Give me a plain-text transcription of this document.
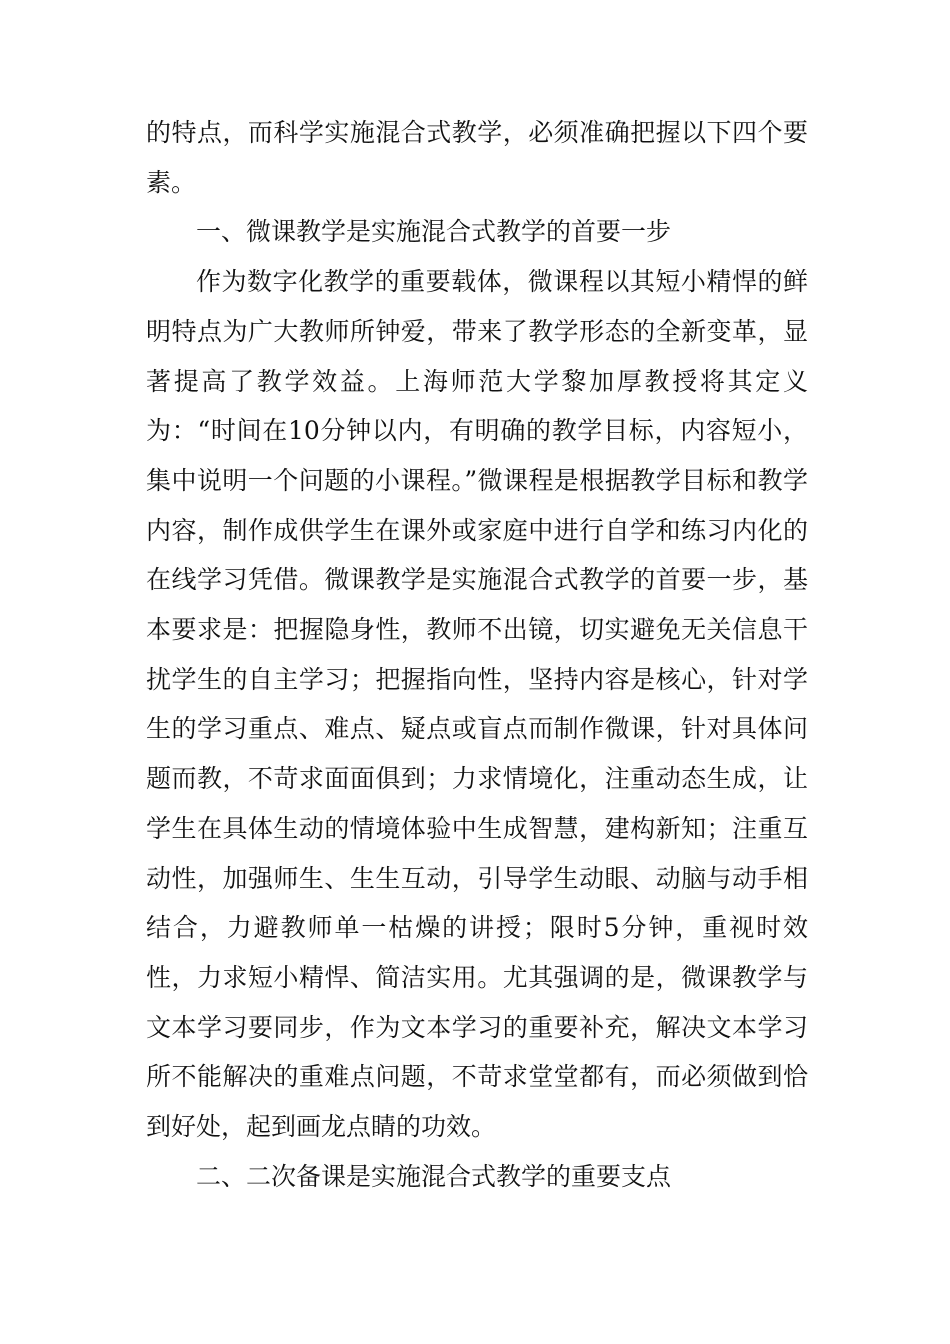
的特点，而科学实施混合式教学，必须准确把握以下四个要素。

一、微课教学是实施混合式教学的首要一步

作为数字化教学的重要载体，微课程以其短小精悍的鲜明特点为广大教师所钟爱，带来了教学形态的全新变革，显著提高了教学效益。上海师范大学黎加厚教授将其定义为：“时间在10分钟以内，有明确的教学目标，内容短小，集中说明一个问题的小课程。”微课程是根据教学目标和教学内容，制作成供学生在课外或家庭中进行自学和练习内化的在线学习凭借。微课教学是实施混合式教学的首要一步，基本要求是：把握隐身性，教师不出镜，切实避免无关信息干扰学生的自主学习；把握指向性，坚持内容是核心，针对学生的学习重点、难点、疑点或盲点而制作微课，针对具体问题而教，不苛求面面俱到；力求情境化，注重动态生成，让学生在具体生动的情境体验中生成智慧，建构新知；注重互动性，加强师生、生生互动，引导学生动眼、动脑与动手相结合，力避教师单一枯燥的讲授；限时5分钟，重视时效性，力求短小精悍、简洁实用。尤其强调的是，微课教学与文本学习要同步，作为文本学习的重要补充，解决文本学习所不能解决的重难点问题，不苛求堂堂都有，而必须做到恰到好处，起到画龙点睛的功效。

二、二次备课是实施混合式教学的重要支点
